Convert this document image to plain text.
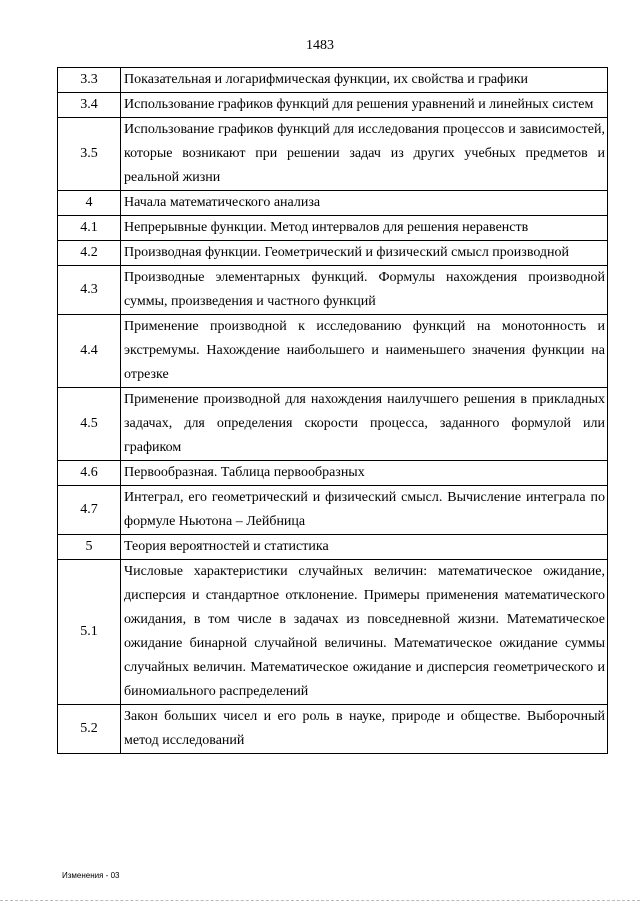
1483
3.3	Показательная и логарифмическая функции, их свойства и графики
3.4	Использование графиков функций для решения уравнений и линейных систем
3.5	Использование графиков функций для исследования процессов и зависимостей, которые возникают при решении задач из других учебных предметов и реальной жизни
4	Начала математического анализа
4.1	Непрерывные функции. Метод интервалов для решения неравенств
4.2	Производная функции. Геометрический и физический смысл производной
4.3	Производные элементарных функций. Формулы нахождения производной суммы, произведения и частного функций
4.4	Применение производной к исследованию функций на монотонность и экстремумы. Нахождение наибольшего и наименьшего значения функции на отрезке
4.5	Применение производной для нахождения наилучшего решения в прикладных задачах, для определения скорости процесса, заданного формулой или графиком
4.6	Первообразная. Таблица первообразных
4.7	Интеграл, его геометрический и физический смысл. Вычисление интеграла по формуле Ньютона – Лейбница
5	Теория вероятностей и статистика
5.1	Числовые характеристики случайных величин: математическое ожидание, дисперсия и стандартное отклонение. Примеры применения математического ожидания, в том числе в задачах из повседневной жизни. Математическое ожидание бинарной случайной величины. Математическое ожидание суммы случайных величин. Математическое ожидание и дисперсия геометрического и биномиального распределений
5.2	Закон больших чисел и его роль в науке, природе и обществе. Выборочный метод исследований
Изменения - 03
